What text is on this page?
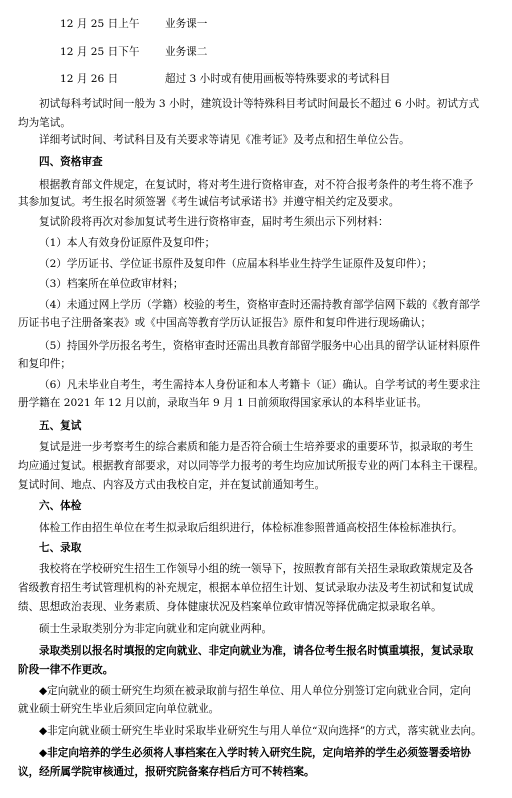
12 月 25 日上午 业务课一
12 月 25 日下午 业务课二
12 月 26 日	超过 3 小时或有使用画板等特殊要求的考试科目
初试每科考试时间一般为 3 小时，建筑设计等特殊科目考试时间最长不超过 6 小时。初试方式
均为笔试。
详细考试时间、考试科目及有关要求等请见《准考证》及考点和招生单位公告。
四、资格审查
根据教育部文件规定，在复试时，将对考生进行资格审查，对不符合报考条件的考生将不准予
其参加复试。考生报名时须签署《考生诚信考试承诺书》并遵守相关约定及要求。
复试阶段将再次对参加复试考生进行资格审查，届时考生须出示下列材料：
（1）本人有效身份证原件及复印件；
（2）学历证书、学位证书原件及复印件（应届本科毕业生持学生证原件及复印件）；
（3）档案所在单位政审材料；
（4）未通过网上学历（学籍）校验的考生，资格审查时还需持教育部学信网下载的《教育部学
历证书电子注册备案表》或《中国高等教育学历认证报告》原件和复印件进行现场确认；
（5）持国外学历报名考生，资格审查时还需出具教育部留学服务中心出具的留学认证材料原件
和复印件；
（6）凡未毕业自考生，考生需持本人身份证和本人考籍卡（证）确认。自学考试的考生要求注
册学籍在 2021 年 12 月以前，录取当年 9 月 1 日前须取得国家承认的本科毕业证书。
五、复试
复试是进一步考察考生的综合素质和能力是否符合硕士生培养要求的重要环节，拟录取的考生
均应通过复试。根据教育部要求，对以同等学力报考的考生均应加试所报专业的两门本科主干课程。
复试时间、地点、内容及方式由我校自定，并在复试前通知考生。
六、体检
体检工作由招生单位在考生拟录取后组织进行，体检标准参照普通高校招生体检标准执行。
七、录取
我校将在学校研究生招生工作领导小组的统一领导下，按照教育部有关招生录取政策规定及各
省级教育招生考试管理机构的补充规定，根据本单位招生计划、复试录取办法及考生初试和复试成
绩、思想政治表现、业务素质、身体健康状况及档案单位政审情况等择优确定拟录取名单。
硕士生录取类别分为非定向就业和定向就业两种。
录取类别以报名时填报的定向就业、非定向就业为准，请各位考生报名时慎重填报，复试录取
阶段一律不作更改。
◆定向就业的硕士研究生均须在被录取前与招生单位、用人单位分别签订定向就业合同，定向
就业硕士研究生毕业后须回定向单位就业。
◆非定向就业硕士研究生毕业时采取毕业研究生与用人单位“双向选择”的方式，落实就业去向。
◆非定向培养的学生必须将人事档案在入学时转入研究生院，定向培养的学生必须签署委培协
议，经所属学院审核通过，报研究院备案存档后方可不转档案。
